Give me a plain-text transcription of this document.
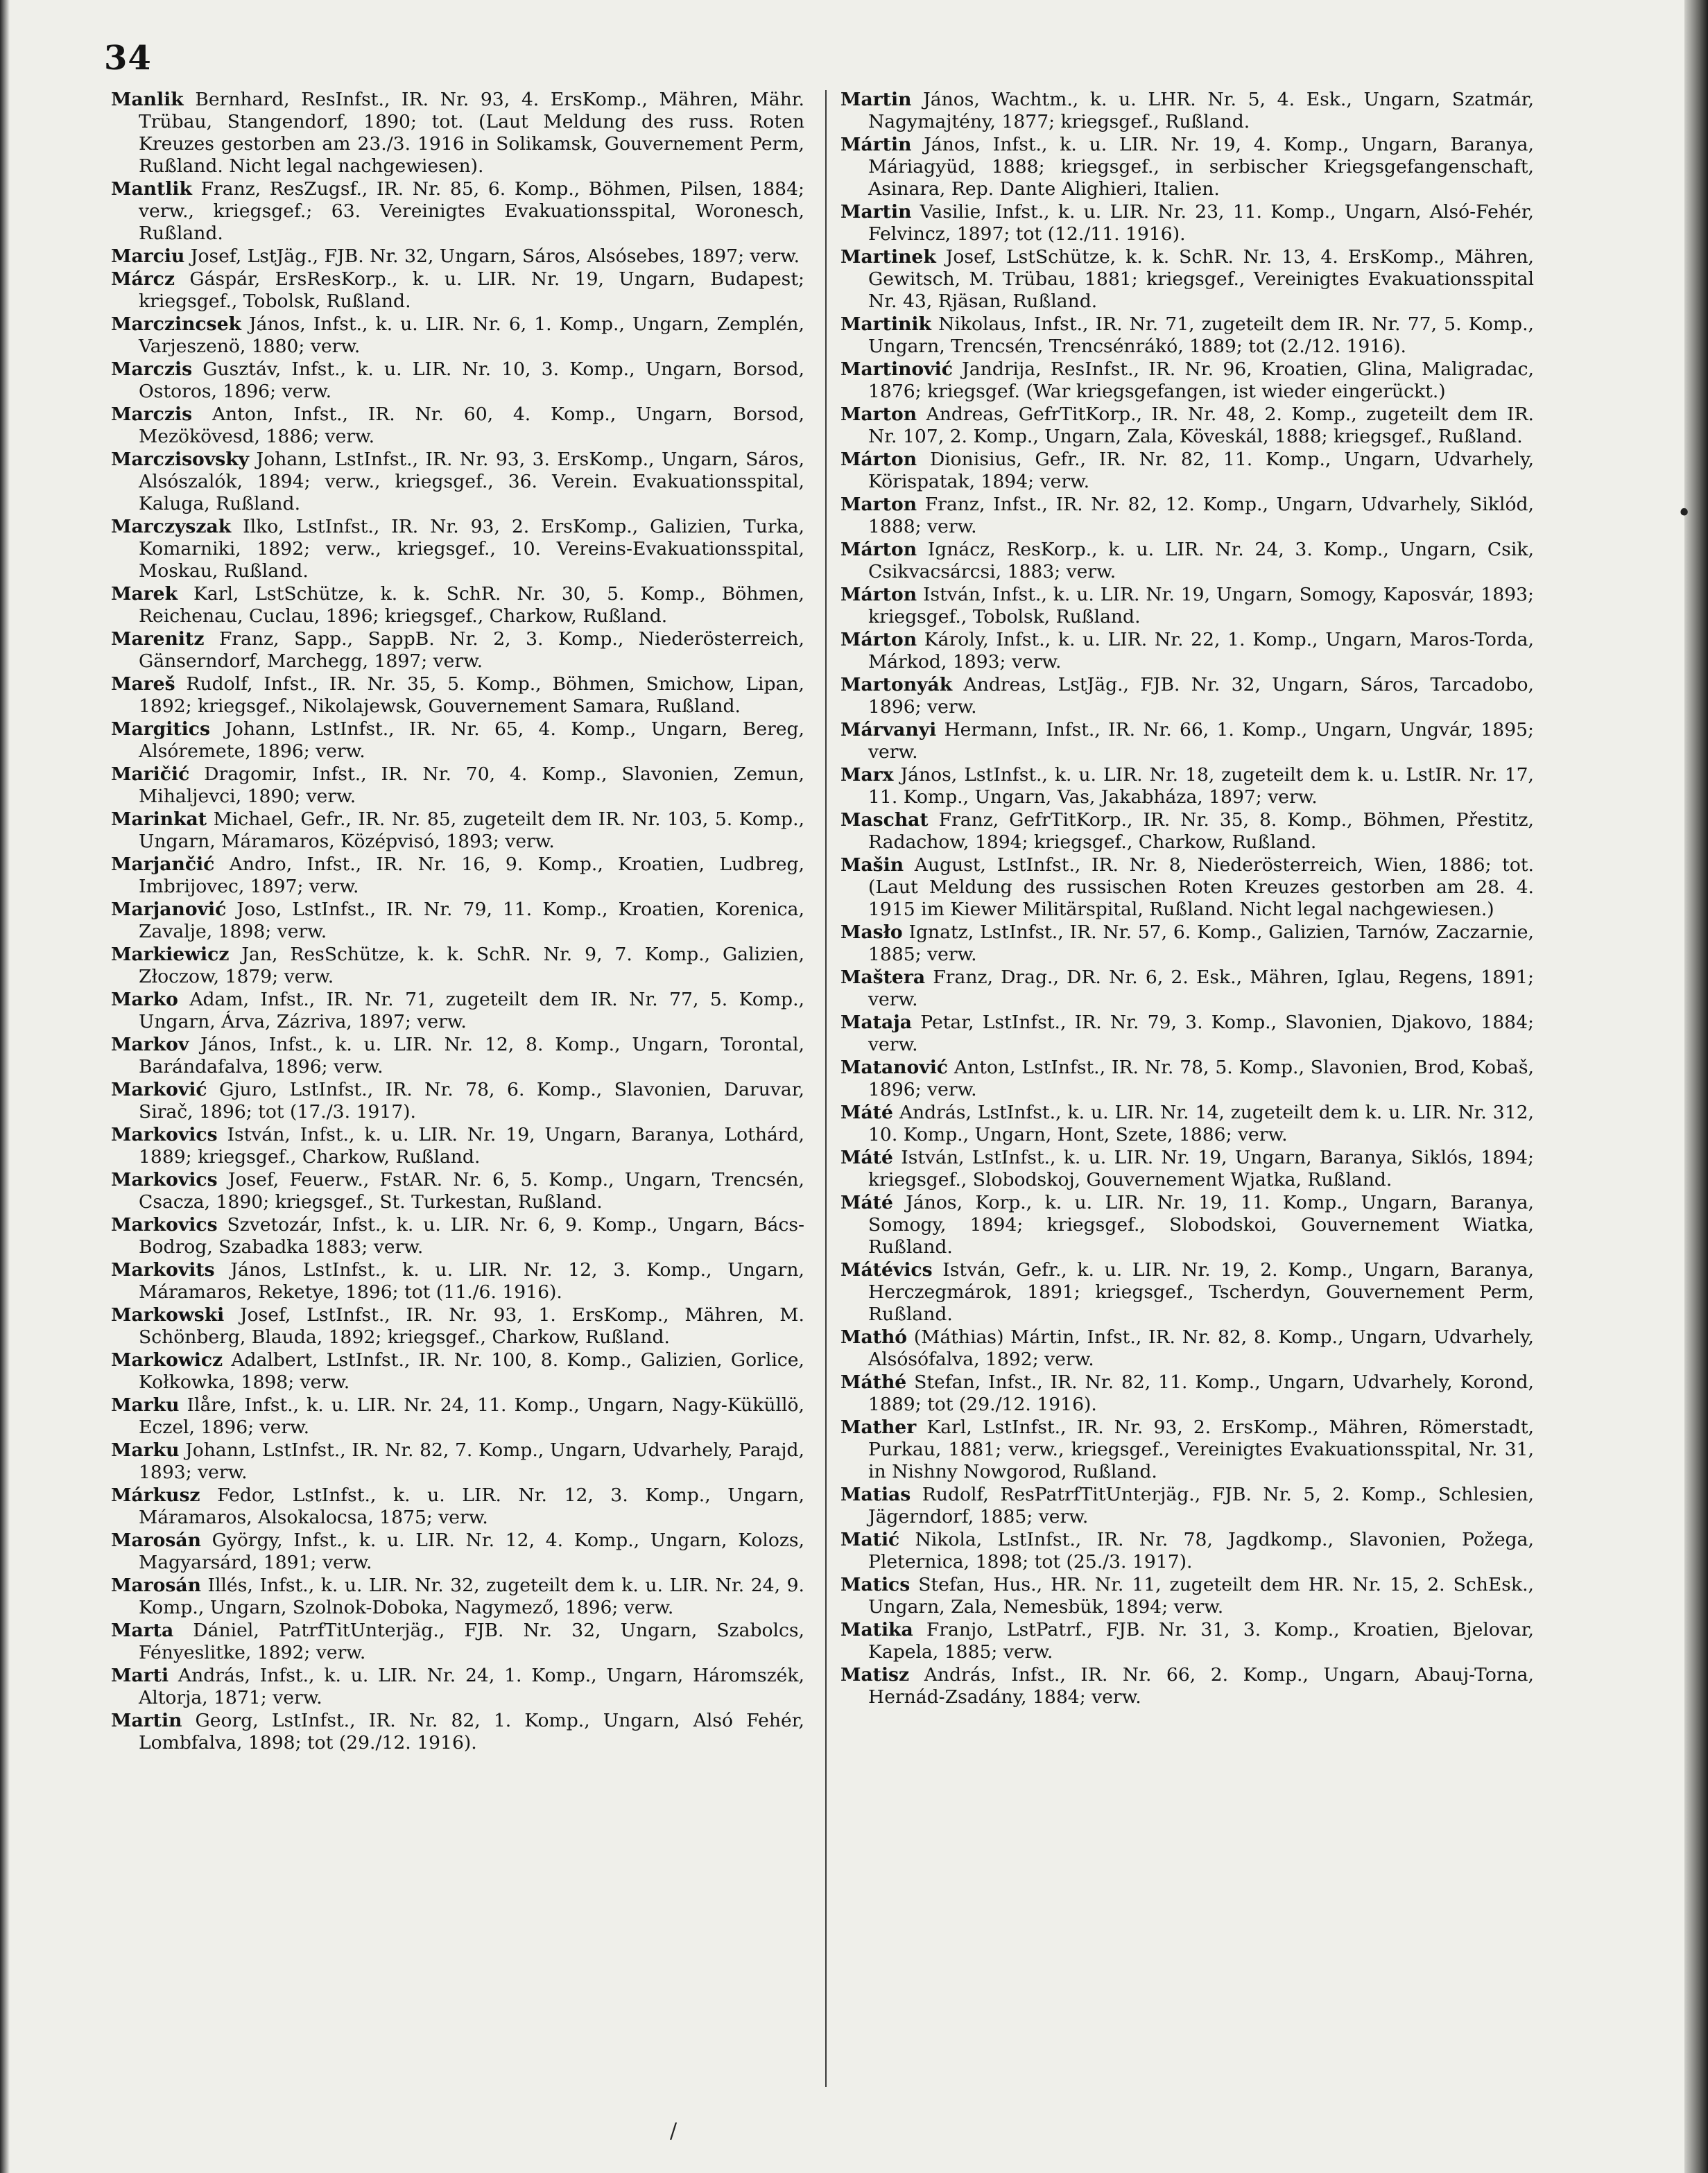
34

Manlik Bernhard, ResInfst., IR. Nr. 93, 4. ErsKomp., Mähren, Mähr. Trübau, Stangendorf, 1890; tot. (Laut Meldung des russ. Roten Kreuzes gestorben am 23./3. 1916 in Solikamsk, Gouvernement Perm, Rußland. Nicht legal nachgewiesen).

Mantlik Franz, ResZugsf., IR. Nr. 85, 6. Komp., Böhmen, Pilsen, 1884; verw., kriegsgef.; 63. Vereinigtes Evakuationsspital, Woronesch, Rußland.

Marciu Josef, LstJäg., FJB. Nr. 32, Ungarn, Sáros, Alsósebes, 1897; verw.

Márcz Gáspár, ErsResKorp., k. u. LIR. Nr. 19, Ungarn, Budapest; kriegsgef., Tobolsk, Rußland.

Marczincsek János, Infst., k. u. LIR. Nr. 6, 1. Komp., Ungarn, Zemplén, Varjeszenö, 1880; verw.

Marczis Gusztáv, Infst., k. u. LIR. Nr. 10, 3. Komp., Ungarn, Borsod, Ostoros, 1896; verw.

Marczis Anton, Infst., IR. Nr. 60, 4. Komp., Ungarn, Borsod, Mezökövesd, 1886; verw.

Marczisovsky Johann, LstInfst., IR. Nr. 93, 3. ErsKomp., Ungarn, Sáros, Alsószalók, 1894; verw., kriegsgef., 36. Verein. Evakuationsspital, Kaluga, Rußland.

Marczyszak Ilko, LstInfst., IR. Nr. 93, 2. ErsKomp., Galizien, Turka, Komarniki, 1892; verw., kriegsgef., 10. Vereins-Evakuationsspital, Moskau, Rußland.

Marek Karl, LstSchütze, k. k. SchR. Nr. 30, 5. Komp., Böhmen, Reichenau, Cuclau, 1896; kriegsgef., Charkow, Rußland.

Marenitz Franz, Sapp., SappB. Nr. 2, 3. Komp., Niederösterreich, Gänserndorf, Marchegg, 1897; verw.

Mareš Rudolf, Infst., IR. Nr. 35, 5. Komp., Böhmen, Smichow, Lipan, 1892; kriegsgef., Nikolajewsk, Gouvernement Samara, Rußland.

Margitics Johann, LstInfst., IR. Nr. 65, 4. Komp., Ungarn, Bereg, Alsóremete, 1896; verw.

Maričić Dragomir, Infst., IR. Nr. 70, 4. Komp., Slavonien, Zemun, Mihaljevci, 1890; verw.

Marinkat Michael, Gefr., IR. Nr. 85, zugeteilt dem IR. Nr. 103, 5. Komp., Ungarn, Máramaros, Középvisó, 1893; verw.

Marjančić Andro, Infst., IR. Nr. 16, 9. Komp., Kroatien, Ludbreg, Imbrijovec, 1897; verw.

Marjanović Joso, LstInfst., IR. Nr. 79, 11. Komp., Kroatien, Korenica, Zavalje, 1898; verw.

Markiewicz Jan, ResSchütze, k. k. SchR. Nr. 9, 7. Komp., Galizien, Złoczow, 1879; verw.

Marko Adam, Infst., IR. Nr. 71, zugeteilt dem IR. Nr. 77, 5. Komp., Ungarn, Árva, Zázriva, 1897; verw.

Markov János, Infst., k. u. LIR. Nr. 12, 8. Komp., Ungarn, Torontal, Barándafalva, 1896; verw.

Marković Gjuro, LstInfst., IR. Nr. 78, 6. Komp., Slavonien, Daruvar, Sirač, 1896; tot (17./3. 1917).

Markovics István, Infst., k. u. LIR. Nr. 19, Ungarn, Baranya, Lothárd, 1889; kriegsgef., Charkow, Rußland.

Markovics Josef, Feuerw., FstAR. Nr. 6, 5. Komp., Ungarn, Trencsén, Csacza, 1890; kriegsgef., St. Turkestan, Rußland.

Markovics Szvetozár, Infst., k. u. LIR. Nr. 6, 9. Komp., Ungarn, Bács-Bodrog, Szabadka 1883; verw.

Markovits János, LstInfst., k. u. LIR. Nr. 12, 3. Komp., Ungarn, Máramaros, Reketye, 1896; tot (11./6. 1916).

Markowski Josef, LstInfst., IR. Nr. 93, 1. ErsKomp., Mähren, M. Schönberg, Blauda, 1892; kriegsgef., Charkow, Rußland.

Markowicz Adalbert, LstInfst., IR. Nr. 100, 8. Komp., Galizien, Gorlice, Kołkowka, 1898; verw.

Marku Ilåre, Infst., k. u. LIR. Nr. 24, 11. Komp., Ungarn, Nagy-Küküllö, Eczel, 1896; verw.

Marku Johann, LstInfst., IR. Nr. 82, 7. Komp., Ungarn, Udvarhely, Parajd, 1893; verw.

Márkusz Fedor, LstInfst., k. u. LIR. Nr. 12, 3. Komp., Ungarn, Máramaros, Alsokalocsa, 1875; verw.

Marosán György, Infst., k. u. LIR. Nr. 12, 4. Komp., Ungarn, Kolozs, Magyarsárd, 1891; verw.

Marosán Illés, Infst., k. u. LIR. Nr. 32, zugeteilt dem k. u. LIR. Nr. 24, 9. Komp., Ungarn, Szolnok-Doboka, Nagymező, 1896; verw.

Marta Dániel, PatrfTitUnterjäg., FJB. Nr. 32, Ungarn, Szabolcs, Fényeslitke, 1892; verw.

Marti András, Infst., k. u. LIR. Nr. 24, 1. Komp., Ungarn, Háromszék, Altorja, 1871; verw.

Martin Georg, LstInfst., IR. Nr. 82, 1. Komp., Ungarn, Alsó Fehér, Lombfalva, 1898; tot (29./12. 1916).

Martin János, Wachtm., k. u. LHR. Nr. 5, 4. Esk., Ungarn, Szatmár, Nagymajtény, 1877; kriegsgef., Rußland.

Mártin János, Infst., k. u. LIR. Nr. 19, 4. Komp., Ungarn, Baranya, Máriagyüd, 1888; kriegsgef., in serbischer Kriegsgefangenschaft, Asinara, Rep. Dante Alighieri, Italien.

Martin Vasilie, Infst., k. u. LIR. Nr. 23, 11. Komp., Ungarn, Alsó-Fehér, Felvincz, 1897; tot (12./11. 1916).

Martinek Josef, LstSchütze, k. k. SchR. Nr. 13, 4. ErsKomp., Mähren, Gewitsch, M. Trübau, 1881; kriegsgef., Vereinigtes Evakuationsspital Nr. 43, Rjäsan, Rußland.

Martinik Nikolaus, Infst., IR. Nr. 71, zugeteilt dem IR. Nr. 77, 5. Komp., Ungarn, Trencsén, Trencsénrákó, 1889; tot (2./12. 1916).

Martinović Jandrija, ResInfst., IR. Nr. 96, Kroatien, Glina, Maligradac, 1876; kriegsgef. (War kriegsgefangen, ist wieder eingerückt.)

Marton Andreas, GefrTitKorp., IR. Nr. 48, 2. Komp., zugeteilt dem IR. Nr. 107, 2. Komp., Ungarn, Zala, Köveskál, 1888; kriegsgef., Rußland.

Márton Dionisius, Gefr., IR. Nr. 82, 11. Komp., Ungarn, Udvarhely, Körispatak, 1894; verw.

Marton Franz, Infst., IR. Nr. 82, 12. Komp., Ungarn, Udvarhely, Siklód, 1888; verw.

Márton Ignácz, ResKorp., k. u. LIR. Nr. 24, 3. Komp., Ungarn, Csik, Csikvacsárcsi, 1883; verw.

Márton István, Infst., k. u. LIR. Nr. 19, Ungarn, Somogy, Kaposvár, 1893; kriegsgef., Tobolsk, Rußland.

Márton Károly, Infst., k. u. LIR. Nr. 22, 1. Komp., Ungarn, Maros-Torda, Márkod, 1893; verw.

Martonyák Andreas, LstJäg., FJB. Nr. 32, Ungarn, Sáros, Tarcadobo, 1896; verw.

Márvanyi Hermann, Infst., IR. Nr. 66, 1. Komp., Ungarn, Ungvár, 1895; verw.

Marx János, LstInfst., k. u. LIR. Nr. 18, zugeteilt dem k. u. LstIR. Nr. 17, 11. Komp., Ungarn, Vas, Jakabháza, 1897; verw.

Maschat Franz, GefrTitKorp., IR. Nr. 35, 8. Komp., Böhmen, Přestitz, Radachow, 1894; kriegsgef., Charkow, Rußland.

Mašin August, LstInfst., IR. Nr. 8, Niederösterreich, Wien, 1886; tot. (Laut Meldung des russischen Roten Kreuzes gestorben am 28. 4. 1915 im Kiewer Militärspital, Rußland. Nicht legal nachgewiesen.)

Masło Ignatz, LstInfst., IR. Nr. 57, 6. Komp., Galizien, Tarnów, Zaczarnie, 1885; verw.

Maštera Franz, Drag., DR. Nr. 6, 2. Esk., Mähren, Iglau, Regens, 1891; verw.

Mataja Petar, LstInfst., IR. Nr. 79, 3. Komp., Slavonien, Djakovo, 1884; verw.

Matanović Anton, LstInfst., IR. Nr. 78, 5. Komp., Slavonien, Brod, Kobaš, 1896; verw.

Máté András, LstInfst., k. u. LIR. Nr. 14, zugeteilt dem k. u. LIR. Nr. 312, 10. Komp., Ungarn, Hont, Szete, 1886; verw.

Máté István, LstInfst., k. u. LIR. Nr. 19, Ungarn, Baranya, Siklós, 1894; kriegsgef., Slobodskoj, Gouvernement Wjatka, Rußland.

Máté János, Korp., k. u. LIR. Nr. 19, 11. Komp., Ungarn, Baranya, Somogy, 1894; kriegsgef., Slobodskoi, Gouvernement Wiatka, Rußland.

Mátévics István, Gefr., k. u. LIR. Nr. 19, 2. Komp., Ungarn, Baranya, Herczegmárok, 1891; kriegsgef., Tscherdyn, Gouvernement Perm, Rußland.

Mathó (Máthias) Mártin, Infst., IR. Nr. 82, 8. Komp., Ungarn, Udvarhely, Alsósófalva, 1892; verw.

Máthé Stefan, Infst., IR. Nr. 82, 11. Komp., Ungarn, Udvarhely, Korond, 1889; tot (29./12. 1916).

Mather Karl, LstInfst., IR. Nr. 93, 2. ErsKomp., Mähren, Römerstadt, Purkau, 1881; verw., kriegsgef., Vereinigtes Evakuationsspital, Nr. 31, in Nishny Nowgorod, Rußland.

Matias Rudolf, ResPatrfTitUnterjäg., FJB. Nr. 5, 2. Komp., Schlesien, Jägerndorf, 1885; verw.

Matić Nikola, LstInfst., IR. Nr. 78, Jagdkomp., Slavonien, Požega, Pleternica, 1898; tot (25./3. 1917).

Matics Stefan, Hus., HR. Nr. 11, zugeteilt dem HR. Nr. 15, 2. SchEsk., Ungarn, Zala, Nemesbük, 1894; verw.

Matika Franjo, LstPatrf., FJB. Nr. 31, 3. Komp., Kroatien, Bjelovar, Kapela, 1885; verw.

Matisz András, Infst., IR. Nr. 66, 2. Komp., Ungarn, Abauj-Torna, Hernád-Zsadány, 1884; verw.

•
/
